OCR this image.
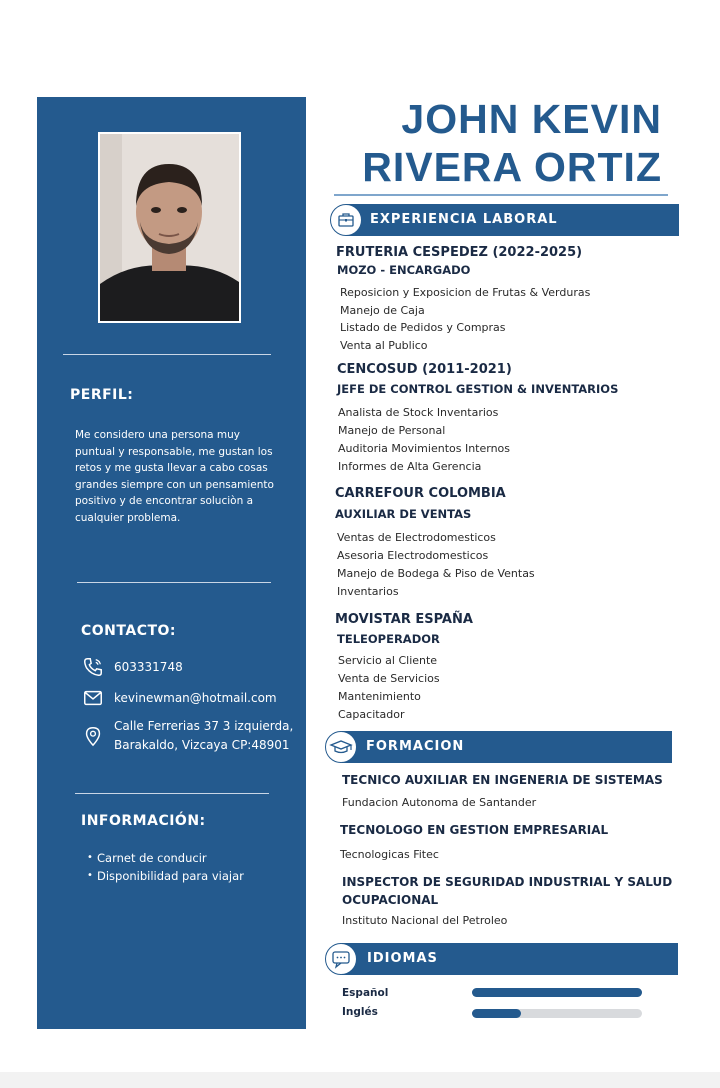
PERFIL:
Me considero una persona muy
puntual y responsable, me gustan los
retos y me gusta llevar a cabo cosas
grandes siempre con un pensamiento
positivo y de encontrar soluciòn a
cualquier problema.
CONTACTO:
603331748
kevinewman@hotmail.com
Calle Ferrerias 37 3 izquierda,
Barakaldo, Vizcaya CP:48901
INFORMACIÓN:
• Carnet de conducir
• Disponibilidad para viajar
JOHN KEVIN
RIVERA ORTIZ
EXPERIENCIA LABORAL
FRUTERIA CESPEDEZ (2022-2025)
MOZO - ENCARGADO
Reposicion y Exposicion de Frutas & Verduras
Manejo de Caja
Listado de Pedidos y Compras
Venta al Publico
CENCOSUD (2011-2021)
JEFE DE CONTROL GESTION & INVENTARIOS
Analista de Stock Inventarios
Manejo de Personal
Auditoria Movimientos Internos
Informes de Alta Gerencia
CARREFOUR COLOMBIA
AUXILIAR DE VENTAS
Ventas de Electrodomesticos
Asesoria Electrodomesticos
Manejo de Bodega & Piso de Ventas
Inventarios
MOVISTAR ESPAÑA
TELEOPERADOR
Servicio al Cliente
Venta de Servicios
Mantenimiento
Capacitador
FORMACION
TECNICO AUXILIAR EN INGENERIA DE SISTEMAS
Fundacion Autonoma de Santander
TECNOLOGO EN GESTION EMPRESARIAL
Tecnologicas Fitec
INSPECTOR DE SEGURIDAD INDUSTRIAL Y SALUD
OCUPACIONAL
Instituto Nacional del Petroleo
IDIOMAS
Español
Inglés
